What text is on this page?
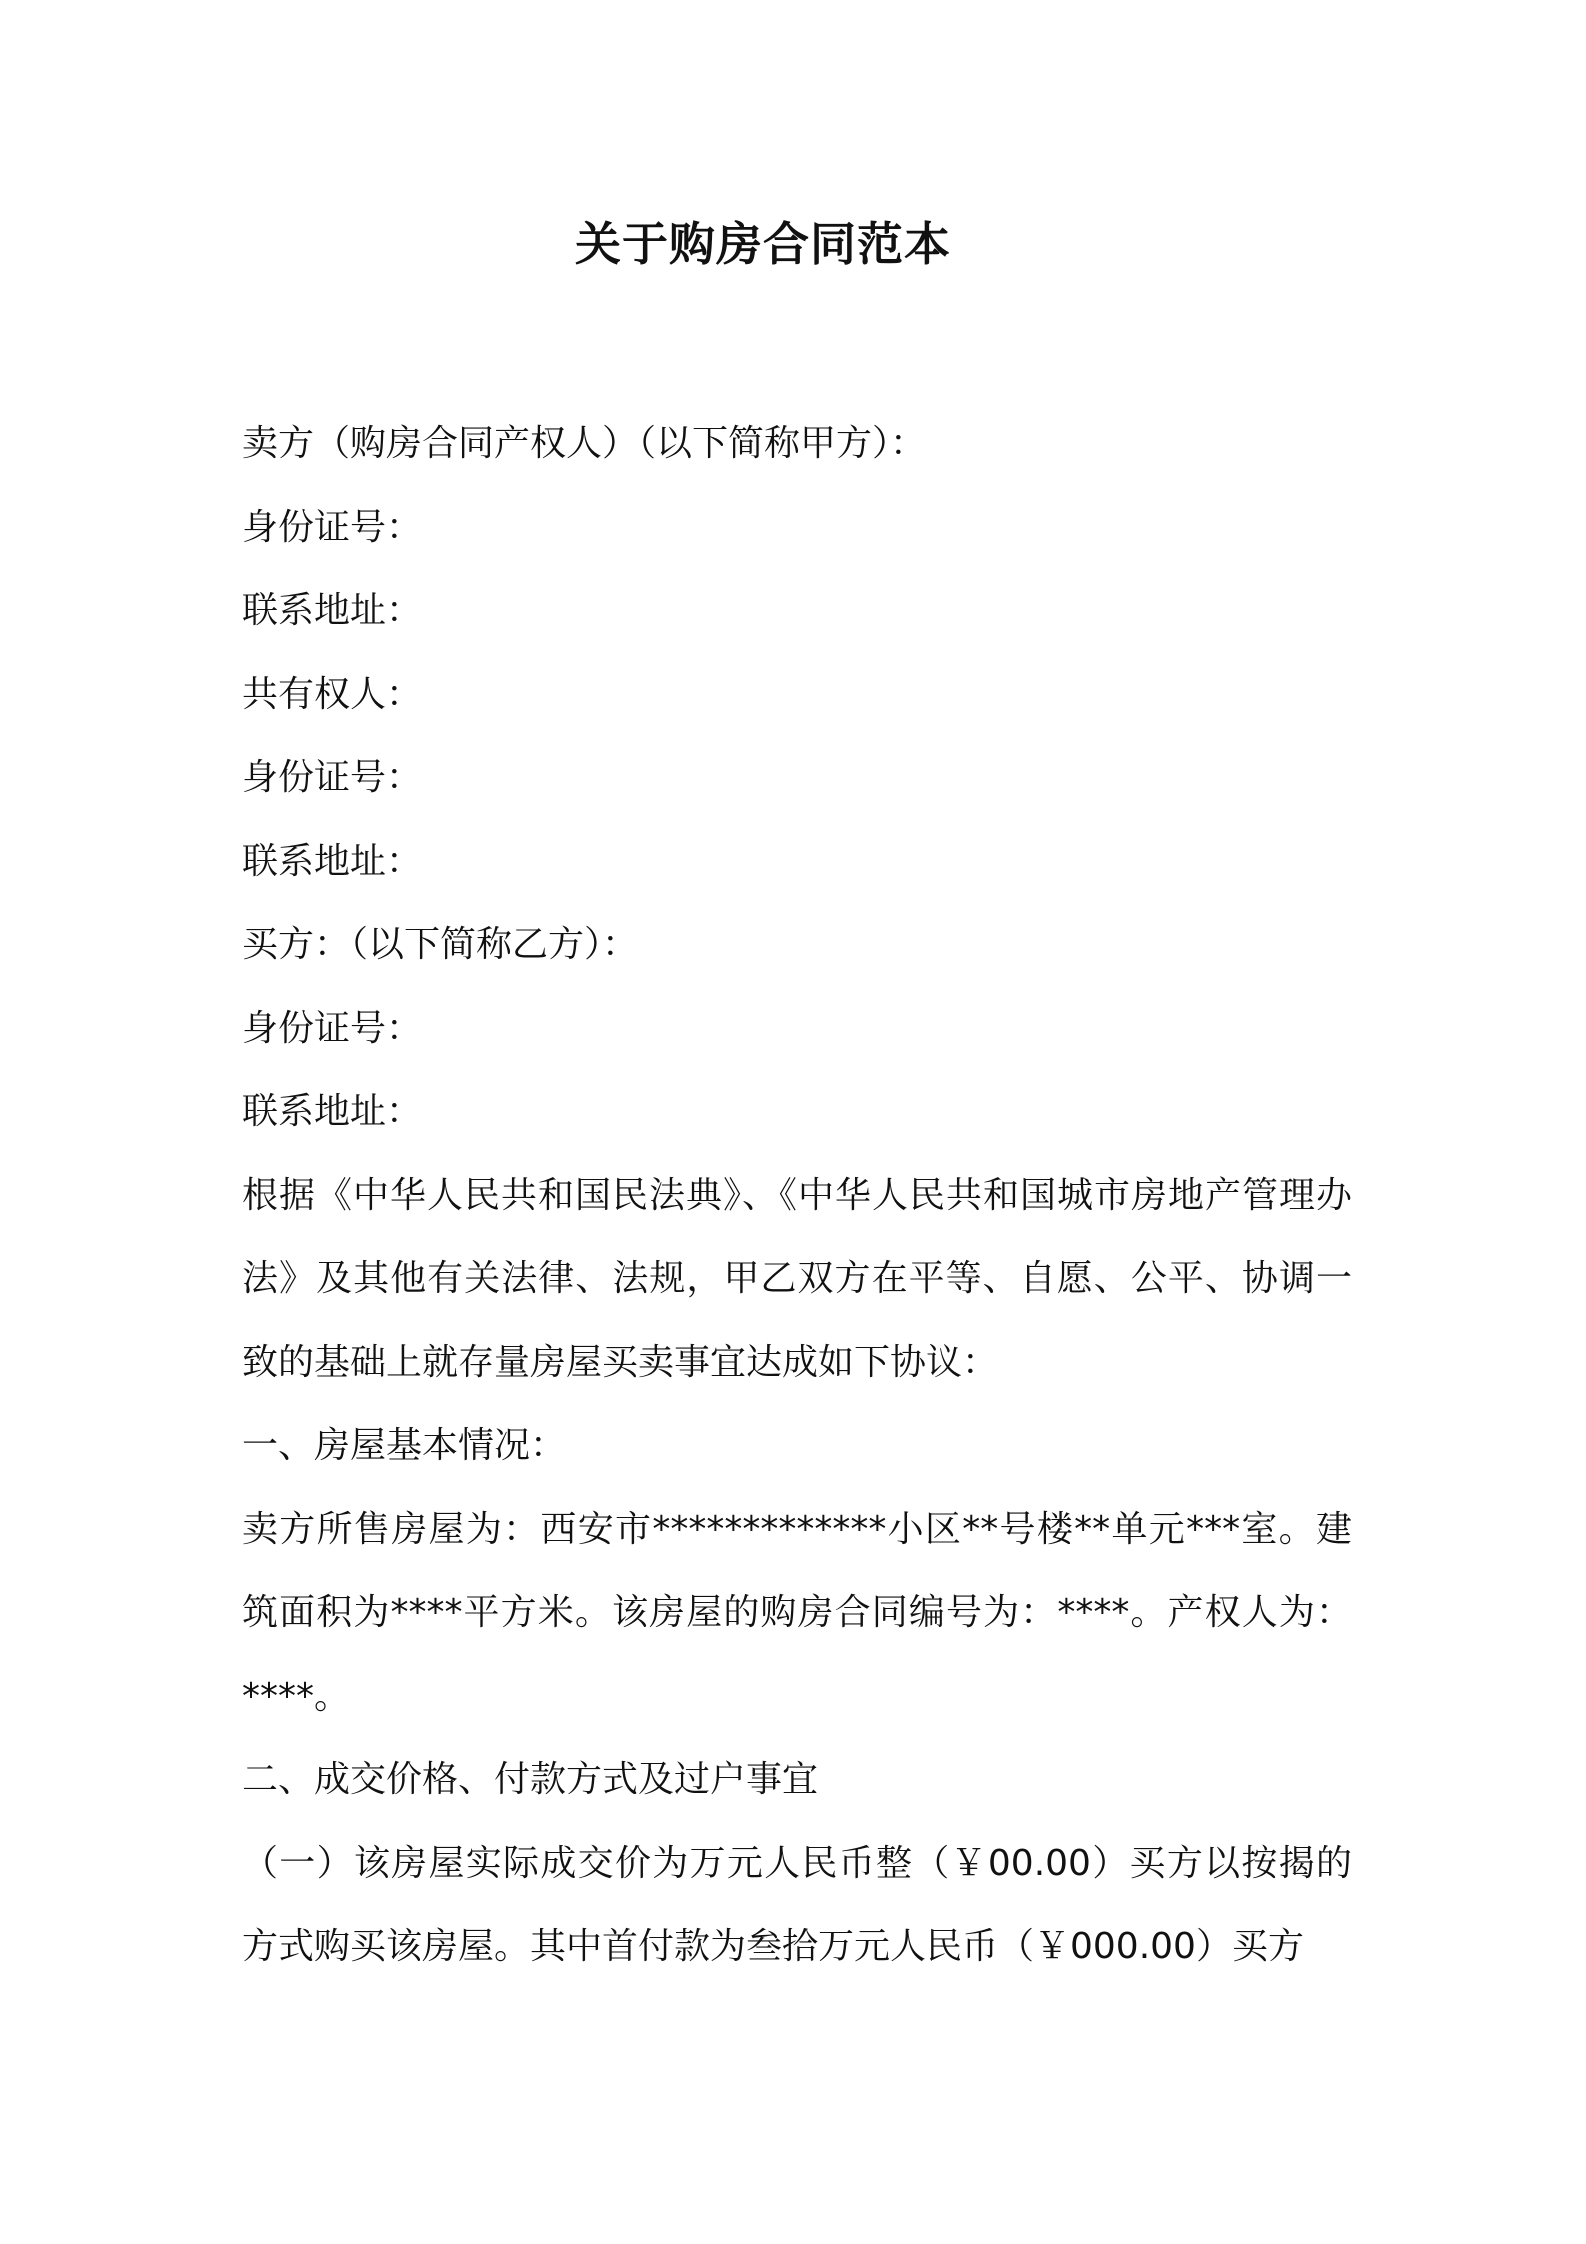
关于购房合同范本

卖方（购房合同产权人）（以下简称甲方）：

身份证号：

联系地址：

共有权人：

身份证号：

联系地址：

买方：（以下简称乙方）：

身份证号：

联系地址：

根据《中华人民共和国民法典》、《中华人民共和国城市房地产管理办法》及其他有关法律、法规，甲乙双方在平等、自愿、公平、协调一致的基础上就存量房屋买卖事宜达成如下协议：

一、房屋基本情况：

卖方所售房屋为：西安市*************小区**号楼**单元***室。建筑面积为****平方米。该房屋的购房合同编号为：****。产权人为：****。

二、成交价格、付款方式及过户事宜

（一）该房屋实际成交价为万元人民币整（￥00.00）买方以按揭的方式购买该房屋。其中首付款为叁拾万元人民币（￥000.00）买方
